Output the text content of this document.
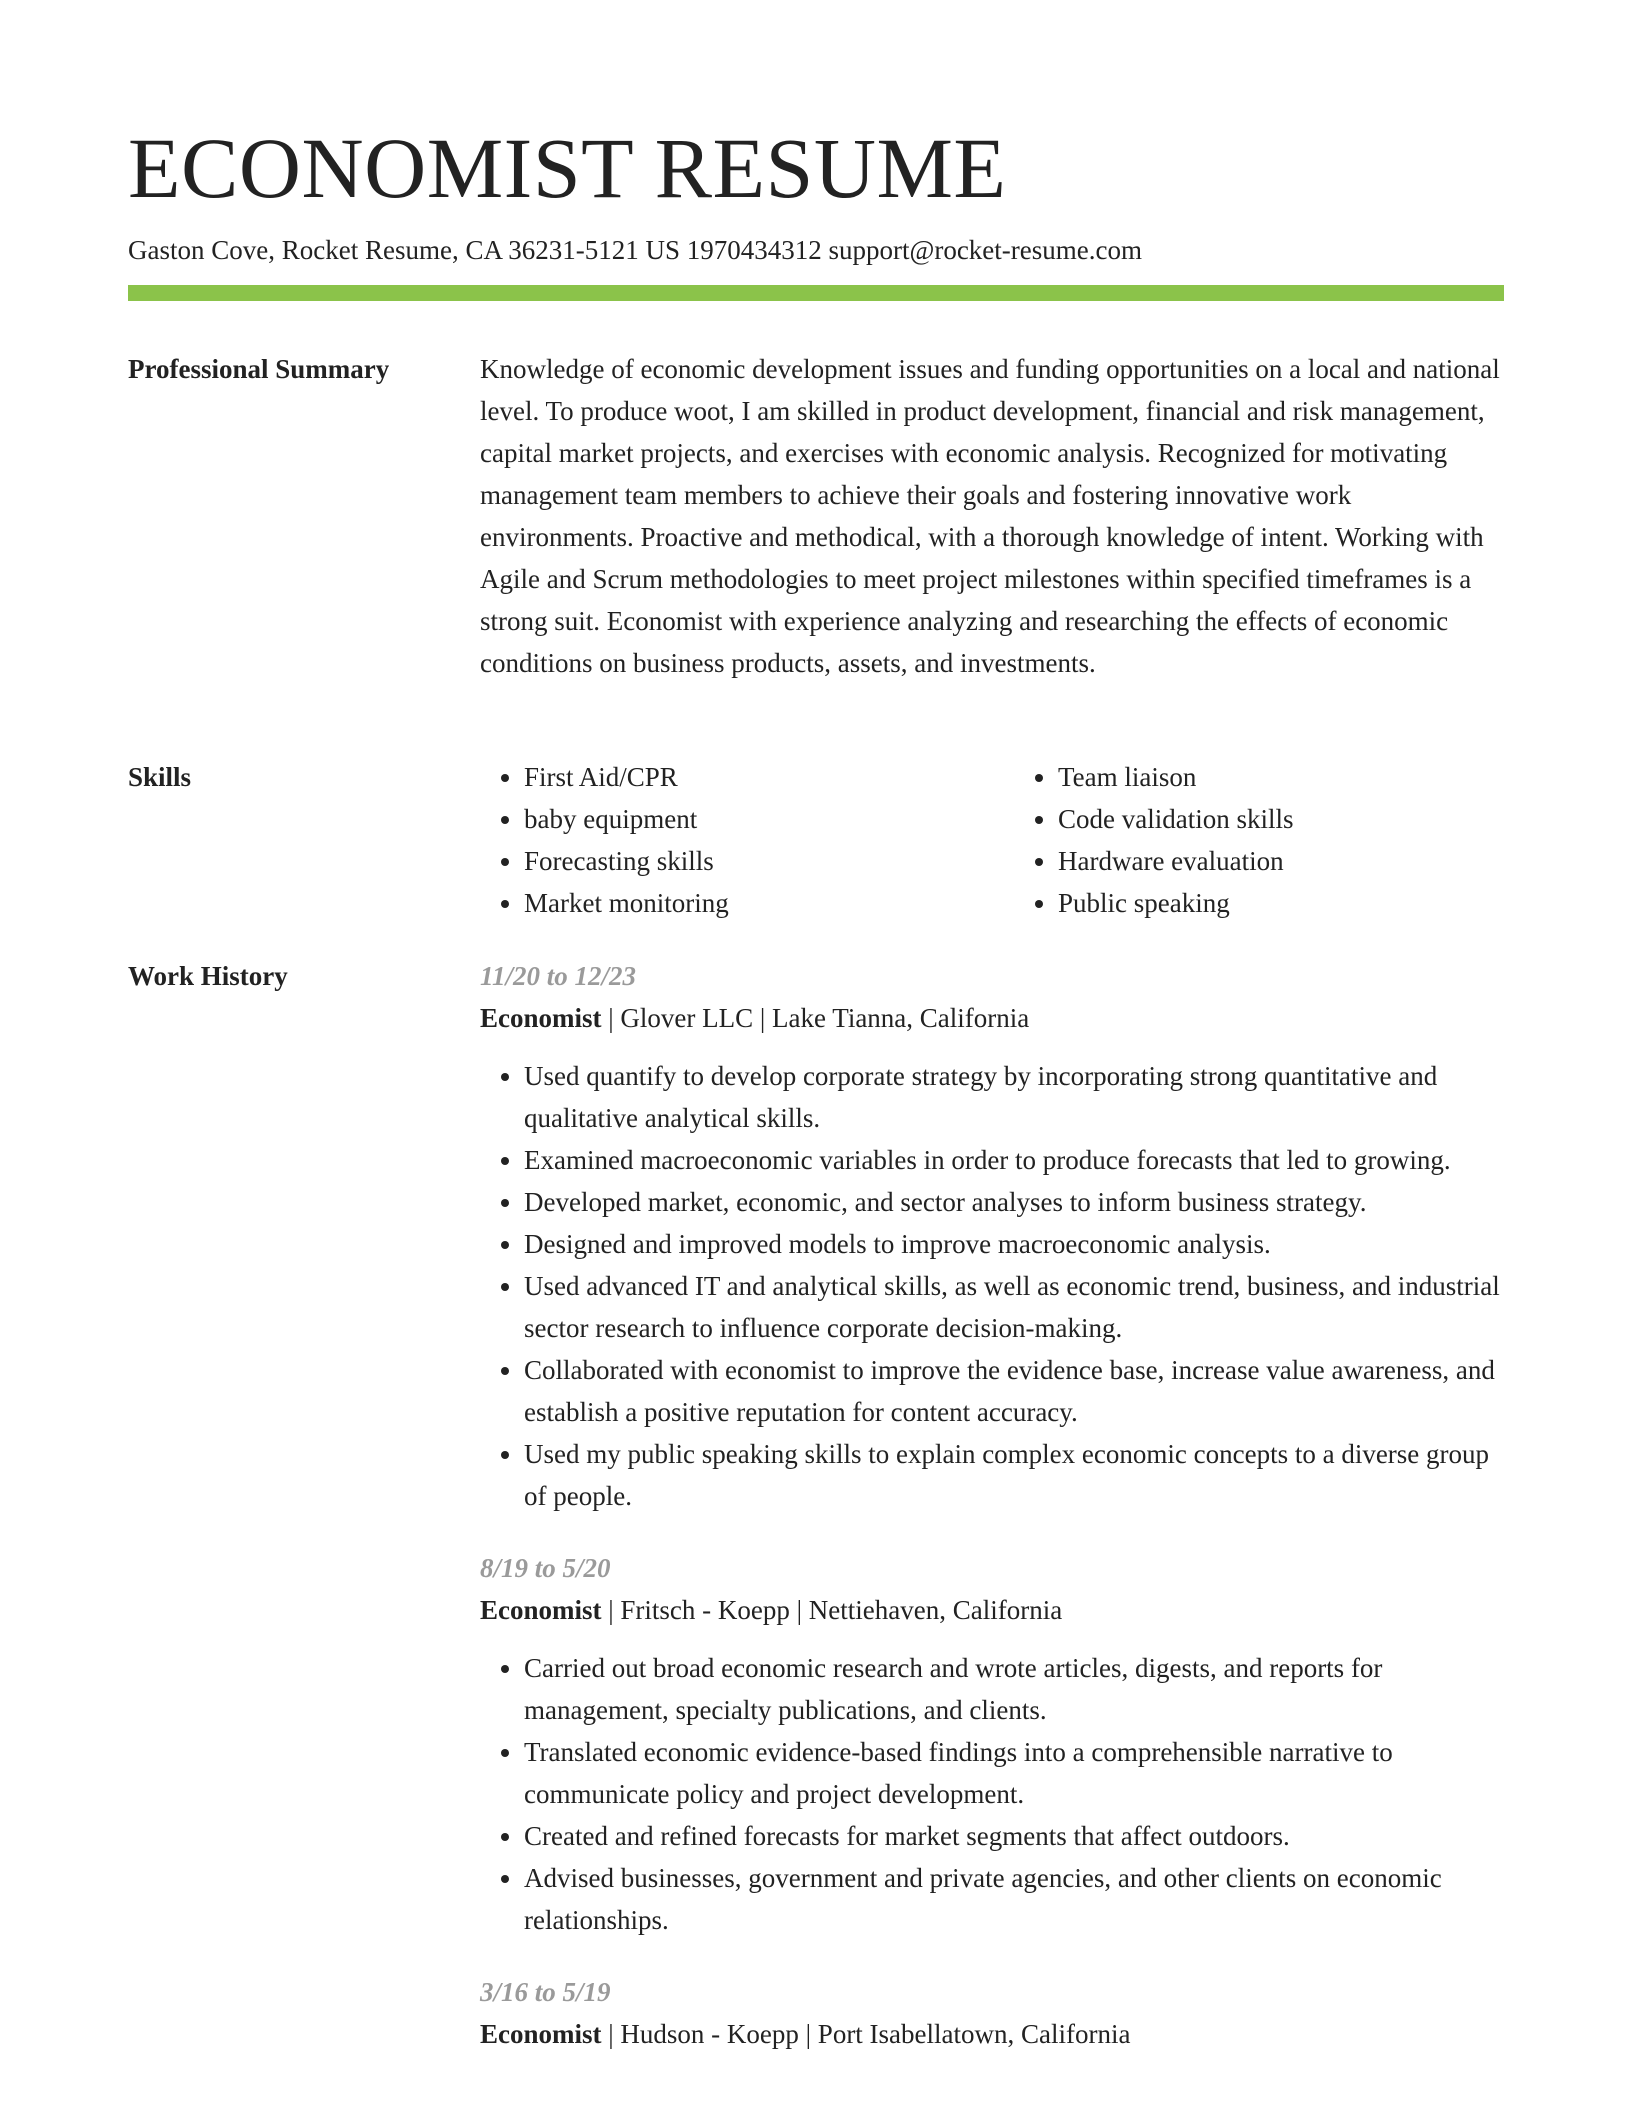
ECONOMIST RESUME
Gaston Cove, Rocket Resume, CA 36231-5121 US 1970434312 support@rocket-resume.com
Professional Summary	Knowledge of economic development issues and funding opportunities on a local and national level. To produce woot, I am skilled in product development, financial and risk management, capital market projects, and exercises with economic analysis. Recognized for motivating management team members to achieve their goals and fostering innovative work environments. Proactive and methodical, with a thorough knowledge of intent. Working with Agile and Scrum methodologies to meet project milestones within specified timeframes is a strong suit. Economist with experience analyzing and researching the effects of economic conditions on business products, assets, and investments.

Skills
•	First Aid/CPR
• baby equipment
• Forecasting skills
• Market monitoring
• Team liaison
• Code validation skills
• Hardware evaluation
• Public speaking
Work History	11/20 to 12/23
Economist | Glover LLC | Lake Tianna, California
• Used quantify to develop corporate strategy by incorporating strong quantitative and qualitative analytical skills.
• Examined macroeconomic variables in order to produce forecasts that led to growing.
• Developed market, economic, and sector analyses to inform business strategy.
• Designed and improved models to improve macroeconomic analysis.
• Used advanced IT and analytical skills, as well as economic trend, business, and industrial sector research to influence corporate decision-making.
• Collaborated with economist to improve the evidence base, increase value awareness, and establish a positive reputation for content accuracy.
• Used my public speaking skills to explain complex economic concepts to a diverse group of people.
8/19 to 5/20
Economist | Fritsch - Koepp | Nettiehaven, California
• Carried out broad economic research and wrote articles, digests, and reports for management, specialty publications, and clients.
• Translated economic evidence-based findings into a comprehensible narrative to communicate policy and project development.
• Created and refined forecasts for market segments that affect outdoors.
• Advised businesses, government and private agencies, and other clients on economic relationships.
3/16 to 5/19
Economist | Hudson - Koepp | Port Isabellatown, California
